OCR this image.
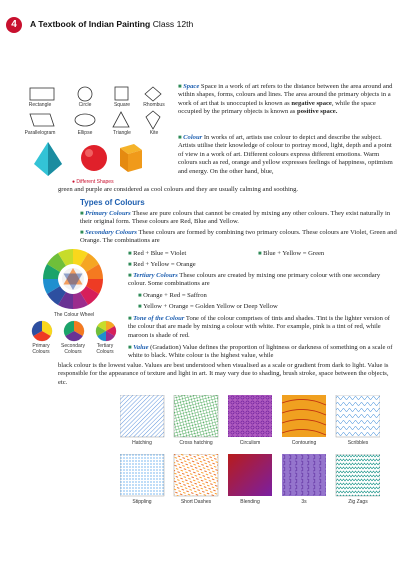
4	A Textbook of Indian Painting Class 12th
Rectangle	Circle	Square	Rhombus
Parallelogram	Ellipse	Triangle	Kite
● Different Shapes
■ Space Space in a work of art refers to the distance between the area around and within shapes, forms, colours and lines. The area around the primary objects in a work of art that is unoccupied is known as negative space, while the space occupied by the primary objects is known as positive space.
■ Colour In works of art, artists use colour to depict and describe the subject. Artists utilise their knowledge of colour to portray mood, light, depth and a point of view in a work of art. Different colours express different emotions. Warm colours such as red, orange and yellow expresses feelings of happiness, optimism and energy. On the other hand, blue,
green and purple are considered as cool colours and they are usually calming and soothing.
Types of Colours
■ Primary Colours These are pure colours that cannot be created by mixing any other colours. They exist naturally in their original form. These colours are Red, Blue and Yellow.
■ Secondary Colours These colours are formed by combining two primary colours. These colours are Violet, Green and Orange. The combinations are
■ Red + Blue = Violet	■ Blue + Yellow = Green
■ Red + Yellow = Orange
■ Tertiary Colours These colours are created by mixing one primary colour with one secondary colour. Some combinations are
■ Orange + Red = Saffron
■ Yellow + Orange = Golden Yellow or Deep Yellow
The Colour Wheel
Primary Colours
Secondary Colours
Tertiary Colours
■ Tone of the Colour Tone of the colour comprises of tints and shades. Tint is the lighter version of the colour that are made by mixing a colour with white. For example, pink is a tint of red, while maroon is shade of red.
■ Value (Gradation) Value defines the proportion of lightness or darkness of something on a scale of white to black. White colour is the highest value, while
black colour is the lowest value. Values are best understood when visualised as a scale or gradient from dark to light. Value is responsible for the appearance of texture and light in art. It may vary due to shading, brush stroke, space between the objects, etc.
Hatching	Cross hatching	Circulism	Contouring	Scribbles
Stippling	Short Dashes	Blending	3s	Zig Zags
